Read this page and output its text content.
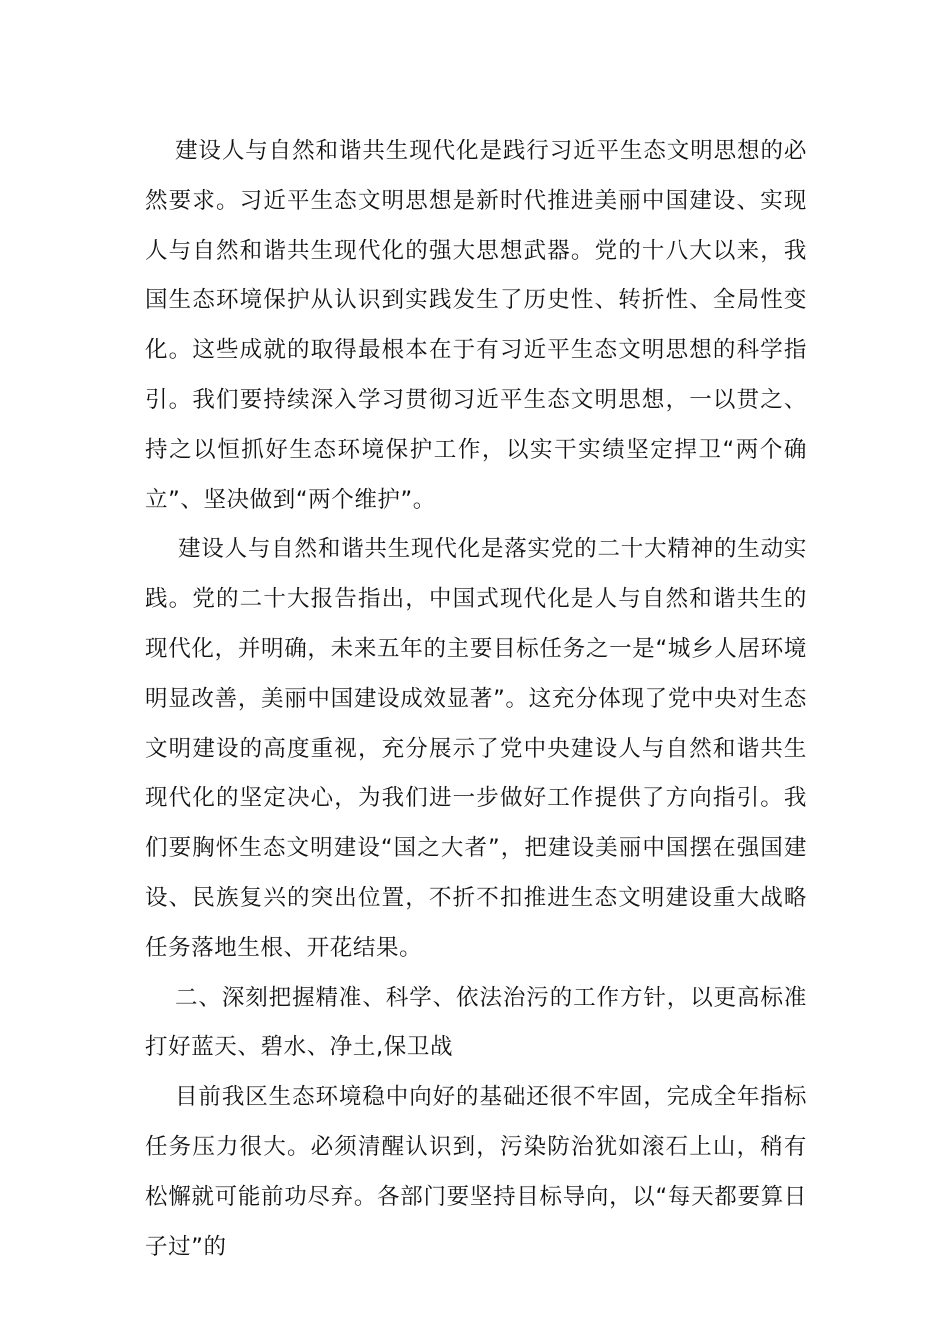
建设人与自然和谐共生现代化是践行习近平生态文明思想的必然要求。习近平生态文明思想是新时代推进美丽中国建设、实现人与自然和谐共生现代化的强大思想武器。党的十八大以来，我国生态环境保护从认识到实践发生了历史性、转折性、全局性变化。这些成就的取得最根本在于有习近平生态文明思想的科学指引。我们要持续深入学习贯彻习近平生态文明思想，一以贯之、持之以恒抓好生态环境保护工作，以实干实绩坚定捍卫“两个确立”、坚决做到“两个维护”。

建设人与自然和谐共生现代化是落实党的二十大精神的生动实践。党的二十大报告指出，中国式现代化是人与自然和谐共生的现代化，并明确，未来五年的主要目标任务之一是“城乡人居环境明显改善，美丽中国建设成效显著”。这充分体现了党中央对生态文明建设的高度重视，充分展示了党中央建设人与自然和谐共生现代化的坚定决心，为我们进一步做好工作提供了方向指引。我们要胸怀生态文明建设“国之大者”，把建设美丽中国摆在强国建设、民族复兴的突出位置，不折不扣推进生态文明建设重大战略任务落地生根、开花结果。

二、深刻把握精准、科学、依法治污的工作方针，以更高标准打好蓝天、碧水、净土,保卫战

目前我区生态环境稳中向好的基础还很不牢固，完成全年指标任务压力很大。必须清醒认识到，污染防治犹如滚石上山，稍有松懈就可能前功尽弃。各部门要坚持目标导向，以“每天都要算日子过”的
